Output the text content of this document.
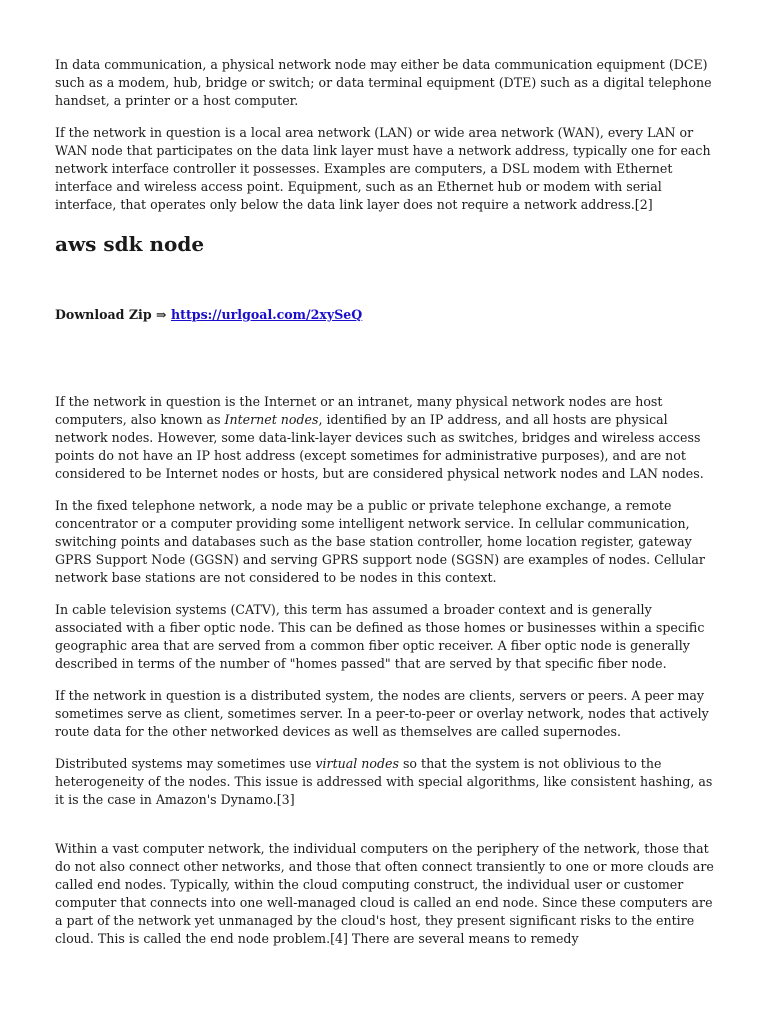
In data communication, a physical network node may either be data communication equipment (DCE) such as a modem, hub, bridge or switch; or data terminal equipment (DTE) such as a digital telephone handset, a printer or a host computer.

If the network in question is a local area network (LAN) or wide area network (WAN), every LAN or WAN node that participates on the data link layer must have a network address, typically one for each network interface controller it possesses. Examples are computers, a DSL modem with Ethernet interface and wireless access point. Equipment, such as an Ethernet hub or modem with serial interface, that operates only below the data link layer does not require a network address.[2]

aws sdk node
Download Zip ⇒ https://urlgoal.com/2xySeQ

If the network in question is the Internet or an intranet, many physical network nodes are host computers, also known as Internet nodes, identified by an IP address, and all hosts are physical network nodes. However, some data-link-layer devices such as switches, bridges and wireless access points do not have an IP host address (except sometimes for administrative purposes), and are not considered to be Internet nodes or hosts, but are considered physical network nodes and LAN nodes.

In the fixed telephone network, a node may be a public or private telephone exchange, a remote concentrator or a computer providing some intelligent network service. In cellular communication, switching points and databases such as the base station controller, home location register, gateway GPRS Support Node (GGSN) and serving GPRS support node (SGSN) are examples of nodes. Cellular network base stations are not considered to be nodes in this context.

In cable television systems (CATV), this term has assumed a broader context and is generally associated with a fiber optic node. This can be defined as those homes or businesses within a specific geographic area that are served from a common fiber optic receiver. A fiber optic node is generally described in terms of the number of "homes passed" that are served by that specific fiber node.

If the network in question is a distributed system, the nodes are clients, servers or peers. A peer may sometimes serve as client, sometimes server. In a peer-to-peer or overlay network, nodes that actively route data for the other networked devices as well as themselves are called supernodes.

Distributed systems may sometimes use virtual nodes so that the system is not oblivious to the heterogeneity of the nodes. This issue is addressed with special algorithms, like consistent hashing, as it is the case in Amazon's Dynamo.[3]

Within a vast computer network, the individual computers on the periphery of the network, those that do not also connect other networks, and those that often connect transiently to one or more clouds are called end nodes. Typically, within the cloud computing construct, the individual user or customer computer that connects into one well-managed cloud is called an end node. Since these computers are a part of the network yet unmanaged by the cloud's host, they present significant risks to the entire cloud. This is called the end node problem.[4] There are several means to remedy
